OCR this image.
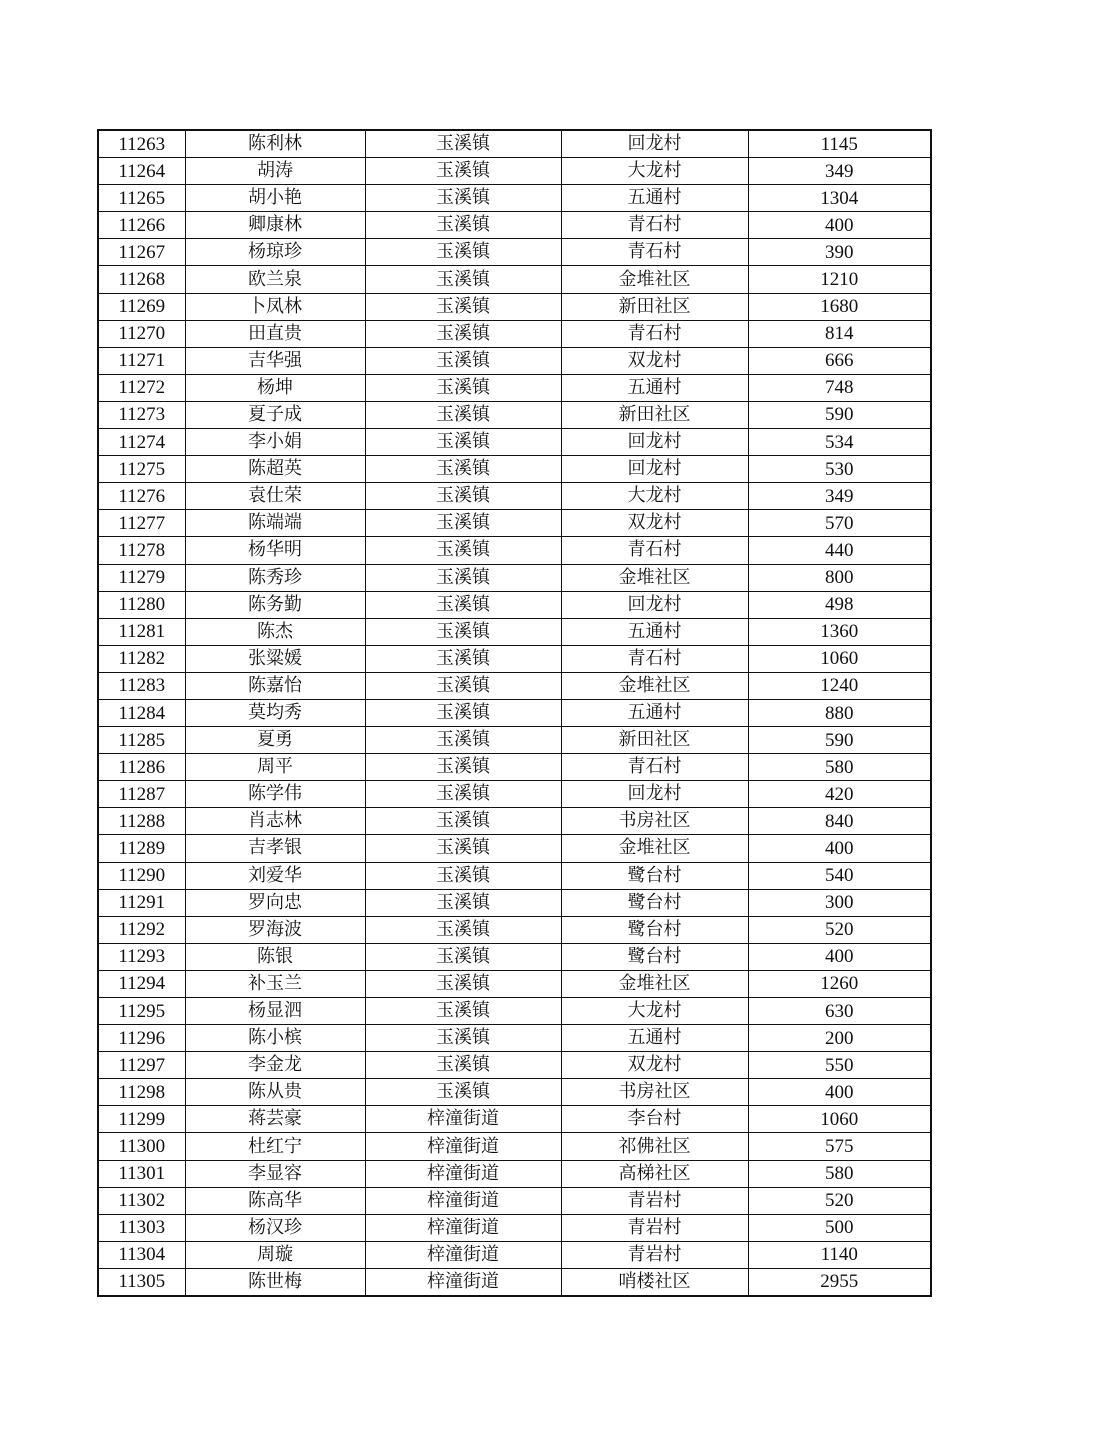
11263	陈利林	玉溪镇	回龙村	1145
11264	胡涛	玉溪镇	大龙村	349
11265	胡小艳	玉溪镇	五通村	1304
11266	卿康林	玉溪镇	青石村	400
11267	杨琼珍	玉溪镇	青石村	390
11268	欧兰泉	玉溪镇	金堆社区	1210
11269	卜凤林	玉溪镇	新田社区	1680
11270	田直贵	玉溪镇	青石村	814
11271	吉华强	玉溪镇	双龙村	666
11272	杨坤	玉溪镇	五通村	748
11273	夏子成	玉溪镇	新田社区	590
11274	李小娟	玉溪镇	回龙村	534
11275	陈超英	玉溪镇	回龙村	530
11276	袁仕荣	玉溪镇	大龙村	349
11277	陈端端	玉溪镇	双龙村	570
11278	杨华明	玉溪镇	青石村	440
11279	陈秀珍	玉溪镇	金堆社区	800
11280	陈务勤	玉溪镇	回龙村	498
11281	陈杰	玉溪镇	五通村	1360
11282	张粱媛	玉溪镇	青石村	1060
11283	陈嘉怡	玉溪镇	金堆社区	1240
11284	莫均秀	玉溪镇	五通村	880
11285	夏勇	玉溪镇	新田社区	590
11286	周平	玉溪镇	青石村	580
11287	陈学伟	玉溪镇	回龙村	420
11288	肖志林	玉溪镇	书房社区	840
11289	吉孝银	玉溪镇	金堆社区	400
11290	刘爱华	玉溪镇	鹭台村	540
11291	罗向忠	玉溪镇	鹭台村	300
11292	罗海波	玉溪镇	鹭台村	520
11293	陈银	玉溪镇	鹭台村	400
11294	补玉兰	玉溪镇	金堆社区	1260
11295	杨显泗	玉溪镇	大龙村	630
11296	陈小槟	玉溪镇	五通村	200
11297	李金龙	玉溪镇	双龙村	550
11298	陈从贵	玉溪镇	书房社区	400
11299	蒋芸豪	梓潼街道	李台村	1060
11300	杜红宁	梓潼街道	祁佛社区	575
11301	李显容	梓潼街道	高梯社区	580
11302	陈高华	梓潼街道	青岩村	520
11303	杨汉珍	梓潼街道	青岩村	500
11304	周璇	梓潼街道	青岩村	1140
11305	陈世梅	梓潼街道	哨楼社区	2955
